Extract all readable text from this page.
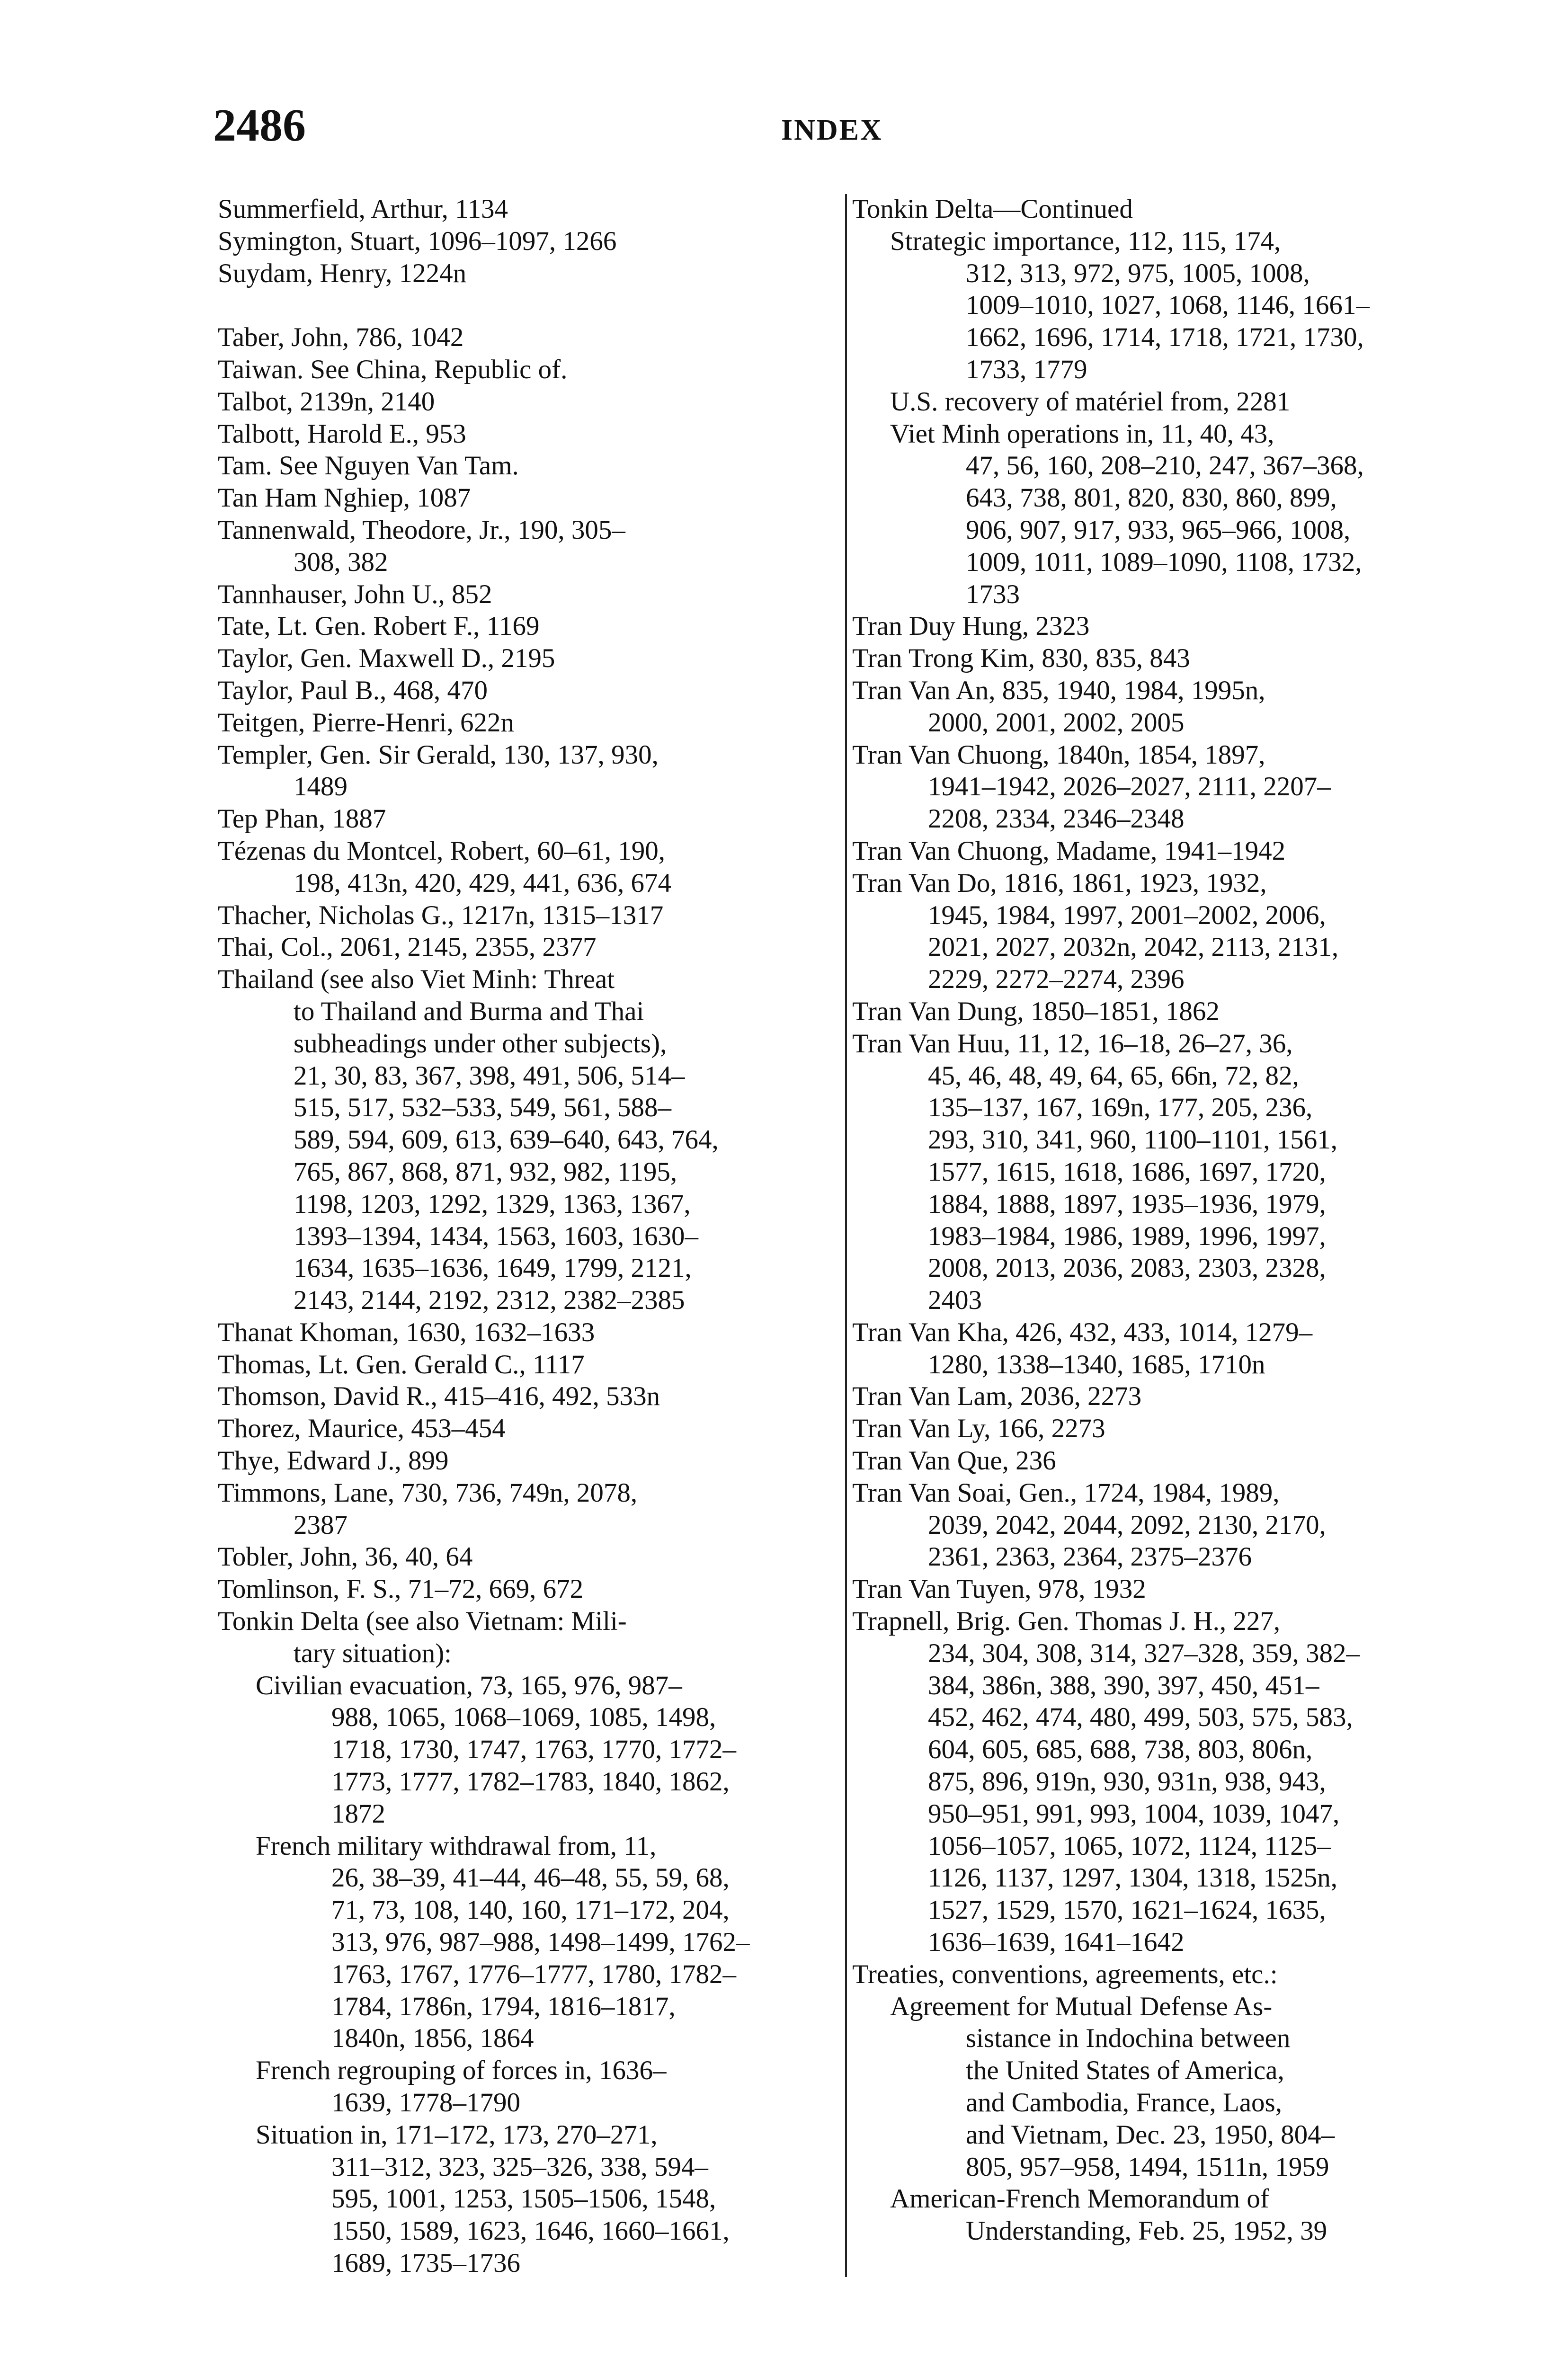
2486	INDEX
Summerfield, Arthur, 1134
Symington, Stuart, 1096–1097, 1266
Suydam, Henry, 1224n
Taber, John, 786, 1042
Taiwan. See China, Republic of.
Talbot, 2139n, 2140
Talbott, Harold E., 953
Tam. See Nguyen Van Tam.
Tan Ham Nghiep, 1087
Tannenwald, Theodore, Jr., 190, 305–
308, 382
Tannhauser, John U., 852
Tate, Lt. Gen. Robert F., 1169
Taylor, Gen. Maxwell D., 2195
Taylor, Paul B., 468, 470
Teitgen, Pierre-Henri, 622n
Templer, Gen. Sir Gerald, 130, 137, 930,
1489
Tep Phan, 1887
Tézenas du Montcel, Robert, 60–61, 190,
198, 413n, 420, 429, 441, 636, 674
Thacher, Nicholas G., 1217n, 1315–1317
Thai, Col., 2061, 2145, 2355, 2377
Thailand (see also Viet Minh: Threat
to Thailand and Burma and Thai
subheadings under other subjects),
21, 30, 83, 367, 398, 491, 506, 514–
515, 517, 532–533, 549, 561, 588–
589, 594, 609, 613, 639–640, 643, 764,
765, 867, 868, 871, 932, 982, 1195,
1198, 1203, 1292, 1329, 1363, 1367,
1393–1394, 1434, 1563, 1603, 1630–
1634, 1635–1636, 1649, 1799, 2121,
2143, 2144, 2192, 2312, 2382–2385
Thanat Khoman, 1630, 1632–1633
Thomas, Lt. Gen. Gerald C., 1117
Thomson, David R., 415–416, 492, 533n
Thorez, Maurice, 453–454
Thye, Edward J., 899
Timmons, Lane, 730, 736, 749n, 2078,
2387
Tobler, John, 36, 40, 64
Tomlinson, F. S., 71–72, 669, 672
Tonkin Delta (see also Vietnam: Mili-
tary situation):
Civilian evacuation, 73, 165, 976, 987–
988, 1065, 1068–1069, 1085, 1498,
1718, 1730, 1747, 1763, 1770, 1772–
1773, 1777, 1782–1783, 1840, 1862,
1872
French military withdrawal from, 11,
26, 38–39, 41–44, 46–48, 55, 59, 68,
71, 73, 108, 140, 160, 171–172, 204,
313, 976, 987–988, 1498–1499, 1762–
1763, 1767, 1776–1777, 1780, 1782–
1784, 1786n, 1794, 1816–1817,
1840n, 1856, 1864
French regrouping of forces in, 1636–
1639, 1778–1790
Situation in, 171–172, 173, 270–271,
311–312, 323, 325–326, 338, 594–
595, 1001, 1253, 1505–1506, 1548,
1550, 1589, 1623, 1646, 1660–1661,
1689, 1735–1736
Tonkin Delta—Continued
Strategic importance, 112, 115, 174,
312, 313, 972, 975, 1005, 1008,
1009–1010, 1027, 1068, 1146, 1661–
1662, 1696, 1714, 1718, 1721, 1730,
1733, 1779
U.S. recovery of matériel from, 2281
Viet Minh operations in, 11, 40, 43,
47, 56, 160, 208–210, 247, 367–368,
643, 738, 801, 820, 830, 860, 899,
906, 907, 917, 933, 965–966, 1008,
1009, 1011, 1089–1090, 1108, 1732,
1733
Tran Duy Hung, 2323
Tran Trong Kim, 830, 835, 843
Tran Van An, 835, 1940, 1984, 1995n,
2000, 2001, 2002, 2005
Tran Van Chuong, 1840n, 1854, 1897,
1941–1942, 2026–2027, 2111, 2207–
2208, 2334, 2346–2348
Tran Van Chuong, Madame, 1941–1942
Tran Van Do, 1816, 1861, 1923, 1932,
1945, 1984, 1997, 2001–2002, 2006,
2021, 2027, 2032n, 2042, 2113, 2131,
2229, 2272–2274, 2396
Tran Van Dung, 1850–1851, 1862
Tran Van Huu, 11, 12, 16–18, 26–27, 36,
45, 46, 48, 49, 64, 65, 66n, 72, 82,
135–137, 167, 169n, 177, 205, 236,
293, 310, 341, 960, 1100–1101, 1561,
1577, 1615, 1618, 1686, 1697, 1720,
1884, 1888, 1897, 1935–1936, 1979,
1983–1984, 1986, 1989, 1996, 1997,
2008, 2013, 2036, 2083, 2303, 2328,
2403
Tran Van Kha, 426, 432, 433, 1014, 1279–
1280, 1338–1340, 1685, 1710n
Tran Van Lam, 2036, 2273
Tran Van Ly, 166, 2273
Tran Van Que, 236
Tran Van Soai, Gen., 1724, 1984, 1989,
2039, 2042, 2044, 2092, 2130, 2170,
2361, 2363, 2364, 2375–2376
Tran Van Tuyen, 978, 1932
Trapnell, Brig. Gen. Thomas J. H., 227,
234, 304, 308, 314, 327–328, 359, 382–
384, 386n, 388, 390, 397, 450, 451–
452, 462, 474, 480, 499, 503, 575, 583,
604, 605, 685, 688, 738, 803, 806n,
875, 896, 919n, 930, 931n, 938, 943,
950–951, 991, 993, 1004, 1039, 1047,
1056–1057, 1065, 1072, 1124, 1125–
1126, 1137, 1297, 1304, 1318, 1525n,
1527, 1529, 1570, 1621–1624, 1635,
1636–1639, 1641–1642
Treaties, conventions, agreements, etc.:
Agreement for Mutual Defense As-
sistance in Indochina between
the United States of America,
and Cambodia, France, Laos,
and Vietnam, Dec. 23, 1950, 804–
805, 957–958, 1494, 1511n, 1959
American-French Memorandum of
Understanding, Feb. 25, 1952, 39
